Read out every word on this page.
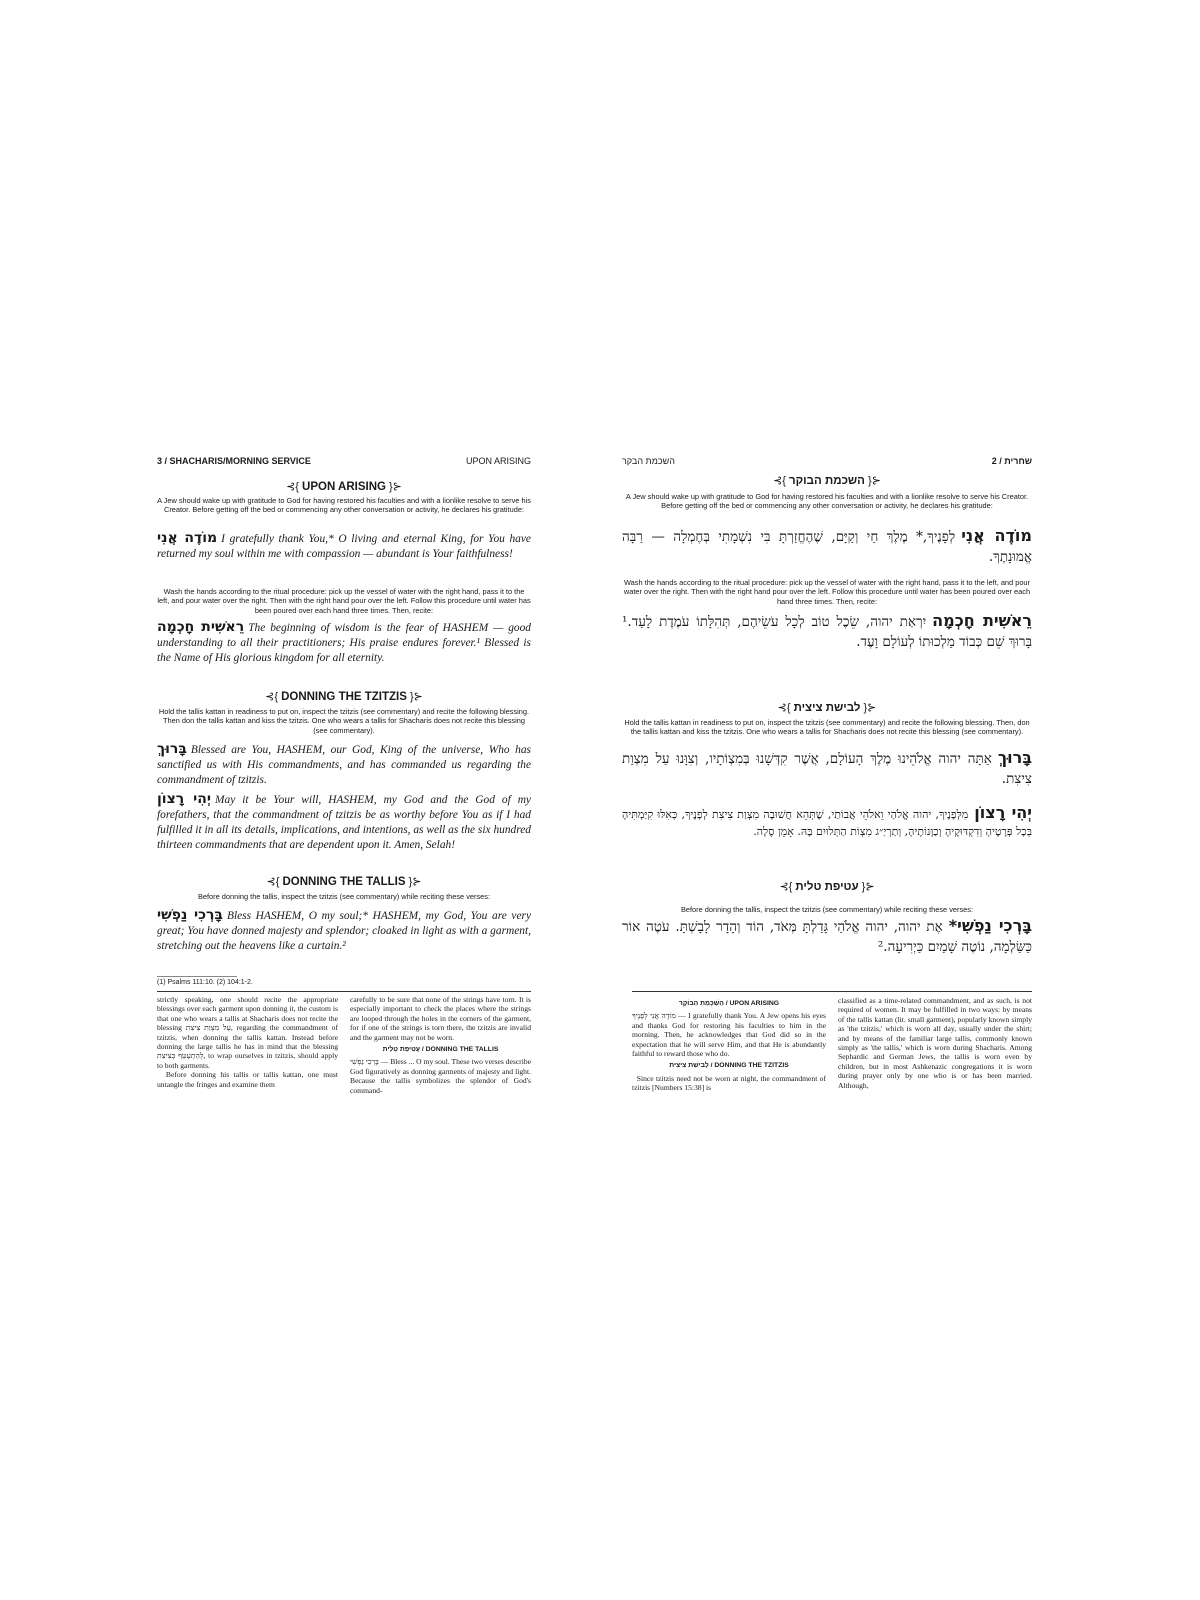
3 / SHACHARIS/MORNING SERVICE	UPON ARISING
⊰{ UPON ARISING }⊱
A Jew should wake up with gratitude to God for having restored his faculties and with a lionlike resolve to serve his Creator. Before getting off the bed or commencing any other conversation or activity, he declares his gratitude:
מוֹדֶה אֲנִי I gratefully thank You,* O living and eternal King, for You have returned my soul within me with compassion — abundant is Your faithfulness!
Wash the hands according to the ritual procedure: pick up the vessel of water with the right hand, pass it to the left, and pour water over the right. Then with the right hand pour over the left. Follow this procedure until water has been poured over each hand three times. Then, recite:
רֵאשִׁית חָכְמָה The beginning of wisdom is the fear of HASHEM — good understanding to all their practitioners; His praise endures forever.¹ Blessed is the Name of His glorious kingdom for all eternity.
⊰{ DONNING THE TZITZIS }⊱
Hold the tallis kattan in readiness to put on, inspect the tzitzis (see commentary) and recite the following blessing. Then don the tallis kattan and kiss the tzitzis. One who wears a tallis for Shacharis does not recite this blessing (see commentary).
בָּרוּךְ Blessed are You, HASHEM, our God, King of the universe, Who has sanctified us with His commandments, and has commanded us regarding the commandment of tzitzis.
יְהִי רָצוֹן May it be Your will, HASHEM, my God and the God of my forefathers, that the commandment of tzitzis be as worthy before You as if I had fulfilled it in all its details, implications, and intentions, as well as the six hundred thirteen commandments that are dependent upon it. Amen, Selah!
⊰{ DONNING THE TALLIS }⊱
Before donning the tallis, inspect the tzitzis (see commentary) while reciting these verses:
בָּרְכִי נַפְשִׁי Bless HASHEM, O my soul;* HASHEM, my God, You are very great; You have donned majesty and splendor; cloaked in light as with a garment, stretching out the heavens like a curtain.²
(1) Psalms 111:10. (2) 104:1-2.
strictly speaking, one should recite the appropriate blessings over each garment upon donning it, the custom is that one who wears a tallis at Shacharis does not recite the blessing עַל מִצְוַת צִיצִת, regarding the commandment of tzitzis, when donning the tallis kattan. Instead before donning the large tallis he has in mind that the blessing לְהִתְעַטֵּף בְּצִיצִת, to wrap ourselves in tzitzis, should apply to both garments.
Before donning his tallis or tallis kattan, one must untangle the fringes and examine them
carefully to be sure that none of the strings have torn. It is especially important to check the places where the strings are looped through the holes in the corners of the garment, for if one of the strings is torn there, the tzitzis are invalid and the garment may not be worn.
עֲטִיפַת טַלִּית / DONNING THE TALLIS
בָּרְכִי נַפְשִׁי — Bless ... O my soul. These two verses describe God figuratively as donning garments of majesty and light. Because the tallis symbolizes the splendor of God's command-
השכמת הבקר	2 / שחרית
⊰{ השכמת הבוקר }⊱
A Jew should wake up with gratitude to God for having restored his faculties and with a lionlike resolve to serve his Creator. Before getting off the bed or commencing any other conversation or activity, he declares his gratitude:
מוֹדֶה אֲנִילְפָנֶיךָ,* מֶלֶךְ חַי וְקַיָּם, שֶׁהֶחֱזַרְתָּ בִּי נִשְׁמָתִי בְּחֶמְלָה — רַבָּה אֱמוּנָתֶךָ.
Wash the hands according to the ritual procedure: pick up the vessel of water with the right hand, pass it to the left, and pour water over the right. Then with the right hand pour over the left. Follow this procedure until water has been poured over each hand three times. Then, recite:
רֵאשִׁית חָכְמָהיִרְאַת יהוה, שֵׂכֶל טוֹב לְכָל עֹשֵׂיהֶם, תְּהִלָּתוֹ עֹמֶדֶת לָעַד.¹ בָּרוּךְ שֵׁם כְּבוֹד מַלְכוּתוֹ לְעוֹלָם וָעֶד.
⊰{ לבישת ציצית }⊱
Hold the tallis kattan in readiness to put on, inspect the tzitzis (see commentary) and recite the following blessing. Then, don the tallis kattan and kiss the tzitzis. One who wears a tallis for Shacharis does not recite this blessing (see commentary).
בָּרוּךְאַתָּה יהוה אֱלֹהֵינוּ מֶלֶךְ הָעוֹלָם, אֲשֶׁר קִדְּשָׁנוּ בְּמִצְוֹתָיו, וְצִוָּנוּ עַל מִצְוַת צִיצִת.
יְהִי רָצוֹןמִלְּפָנֶיךָ, יהוה אֱלֹהַי וֵאלֹהֵי אֲבוֹתַי, שֶׁתְּהֵא חֲשׁוּבָה מִצְוַת צִיצִת לְפָנֶיךָ, כְּאִלּוּ קִיַּמְתִּיהָ בְּכָל פְּרָטֶיהָ וְדִקְדּוּקֶיהָ וְכַוָּנוֹתֶיהָ, וְתַרְיַ״ג מִצְוֹת הַתְּלוּיִם בָּהּ. אָמֵן סֶלָה.
⊰{ עטיפת טלית }⊱
Before donning the tallis, inspect the tzitzis (see commentary) while reciting these verses:
בָּרְכִי נַפְשִׁי*אֶת יהוה, יהוה אֱלֹהַי גָּדַלְתָּ מְּאֹד, הוֹד וְהָדָר לָבָשְׁתָּ. עֹטֶה אוֹר כַּשַּׂלְמָה, נוֹטֶה שָׁמַיִם כַּיְרִיעָה.²
הַשְׁכָּמַת הַבּוֹקֶר / UPON ARISING
מוֹדֶה אֲנִי לְפָנֶיךָ — I gratefully thank You. A Jew opens his eyes and thanks God for restoring his faculties to him in the morning. Then, he acknowledges that God did so in the expectation that he will serve Him, and that He is abundantly faithful to reward those who do.
לְבִישַׁת צִיצִית / DONNING THE TZITZIS
Since tzitzis need not be worn at night, the commandment of tzitzis [Numbers 15:38] is
classified as a time-related commandment, and as such, is not required of women. It may be fulfilled in two ways: by means of the tallis kattan (lit. small garment), popularly known simply as 'the tzitzis,' which is worn all day, usually under the shirt; and by means of the familiar large tallis, commonly known simply as 'the tallis,' which is worn during Shacharis. Among Sephardic and German Jews, the tallis is worn even by children, but in most Ashkenazic congregations it is worn during prayer only by one who is or has been married. Although,
